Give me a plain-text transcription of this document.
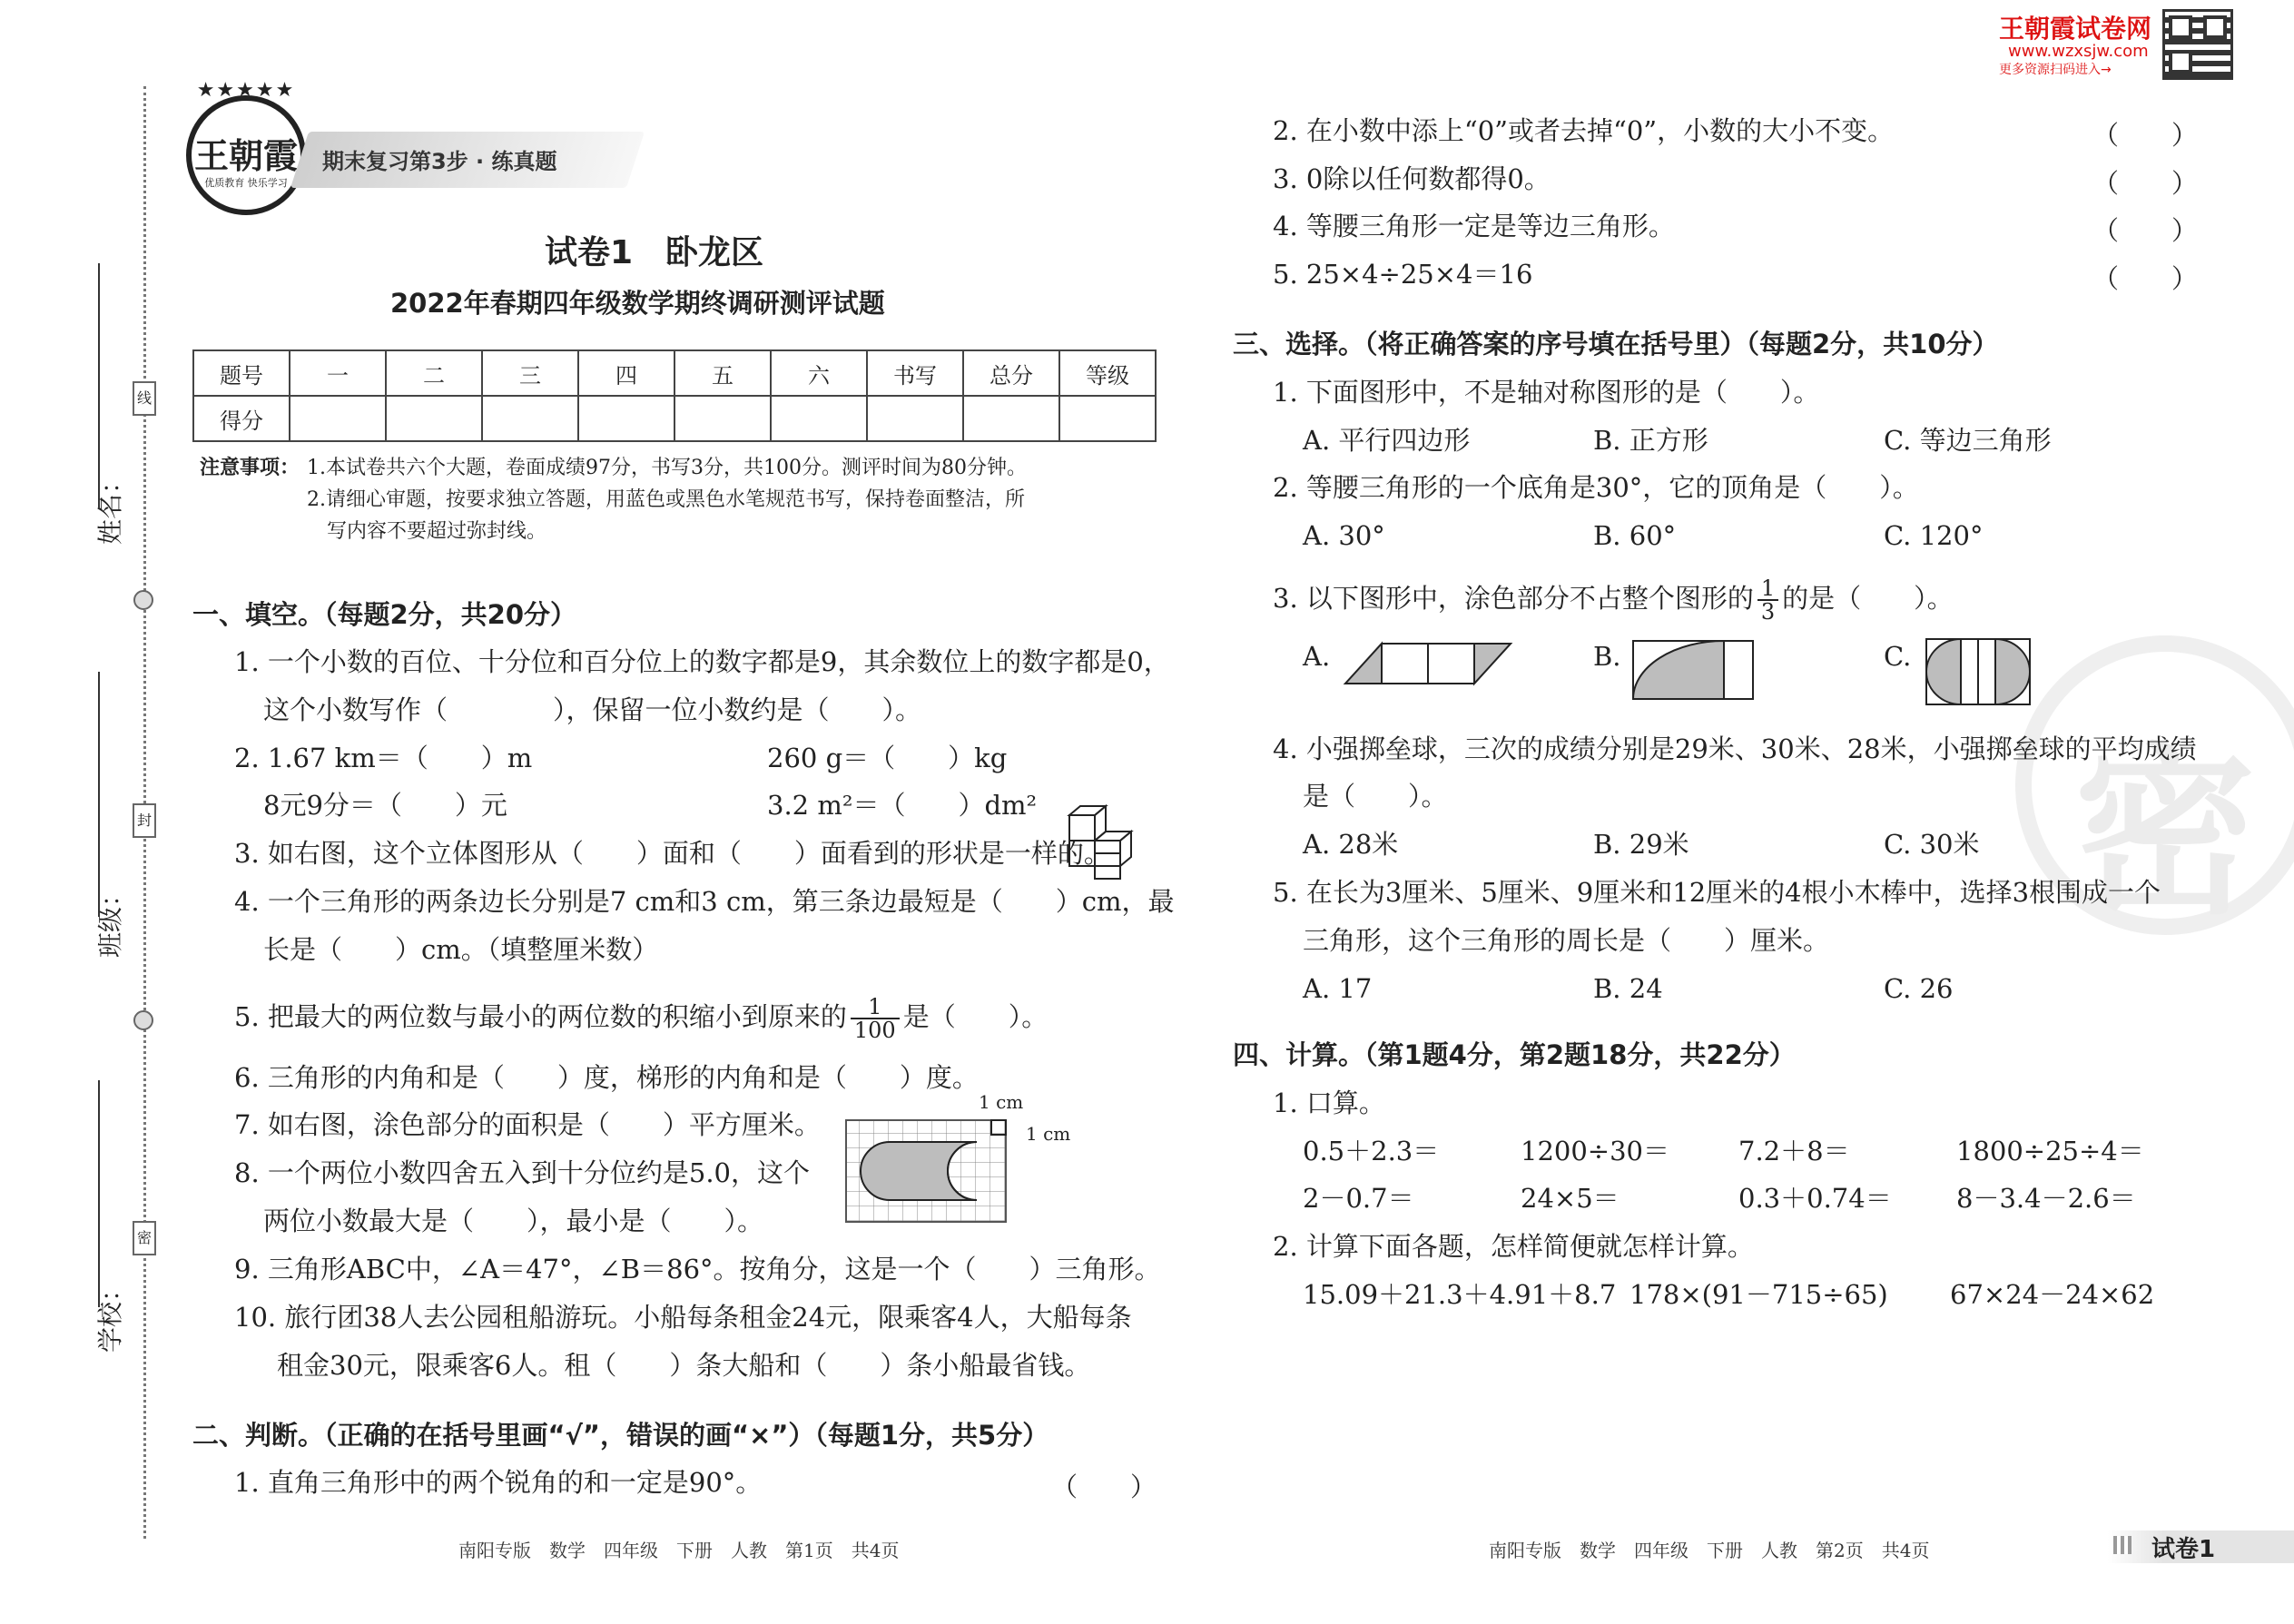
姓名：
班级：
学校：
线
封
密
★★★★★
王朝霞
优质教育 快乐学习
期末复习第3步 · 练真题
王朝霞试卷网
www.wzxsjw.com
更多资源扫码进入→
密
试卷1　卧龙区
2022年春期四年级数学期终调研测评试题
题号	一	二	三	四	五	六	书写	总分	等级
得分									
注意事项： 1.本试卷共六个大题，卷面成绩97分，书写3分，共100分。测评时间为80分钟。
2.请细心审题，按要求独立答题，用蓝色或黑色水笔规范书写，保持卷面整洁，所
写内容不要超过弥封线。
一、填空。（每题2分，共20分）
1. 一个小数的百位、十分位和百分位上的数字都是9，其余数位上的数字都是0，
这个小数写作（　　　　），保留一位小数约是（　　）。
2. 1.67 km＝（　　）m	260 g＝（　　）kg
8元9分＝（　　）元	3.2 m²＝（　　）dm²
3. 如右图，这个立体图形从（　　）面和（　　）面看到的形状是一样的。
4. 一个三角形的两条边长分别是7 cm和3 cm，第三条边最短是（　　）cm，最
长是（　　）cm。（填整厘米数）
5. 把最大的两位数与最小的两位数的积缩小到原来的 $\frac{1}{100}$ 是（　　）。
6. 三角形的内角和是（　　）度，梯形的内角和是（　　）度。
7. 如右图，涂色部分的面积是（　　）平方厘米。
8. 一个两位小数四舍五入到十分位约是5.0，这个
两位小数最大是（　　），最小是（　　）。
1 cm
1 cm
9. 三角形ABC中，∠A＝47°，∠B＝86°。按角分，这是一个（　　）三角形。
10. 旅行团38人去公园租船游玩。小船每条租金24元，限乘客4人，大船每条
租金30元，限乘客6人。租（　　）条大船和（　　）条小船最省钱。
二、判断。（正确的在括号里画“√”，错误的画“×”）（每题1分，共5分）
1. 直角三角形中的两个锐角的和一定是90°。	（　　）
2. 在小数中添上“0”或者去掉“0”，小数的大小不变。	（　　）
3. 0除以任何数都得0。	（　　）
4. 等腰三角形一定是等边三角形。	（　　）
5. 25×4÷25×4＝16	（　　）
三、选择。（将正确答案的序号填在括号里）（每题2分，共10分）
1. 下面图形中，不是轴对称图形的是（　　）。
A. 平行四边形	B. 正方形	C. 等边三角形
2. 等腰三角形的一个底角是30°，它的顶角是（　　）。
A. 30°	B. 60°	C. 120°
3. 以下图形中，涂色部分不占整个图形的 $\frac{1}{3}$ 的是（　　）。
A.	B.	C.
4. 小强掷垒球，三次的成绩分别是29米、30米、28米，小强掷垒球的平均成绩
是（　　）。
A. 28米	B. 29米	C. 30米
5. 在长为3厘米、5厘米、9厘米和12厘米的4根小木棒中，选择3根围成一个
三角形，这个三角形的周长是（　　）厘米。
A. 17	B. 24	C. 26
四、计算。（第1题4分，第2题18分，共22分）
1. 口算。
0.5＋2.3＝	1200÷30＝	7.2＋8＝	1800÷25÷4＝
2－0.7＝	24×5＝	0.3＋0.74＝ 8－3.4－2.6＝
2. 计算下面各题，怎样简便就怎样计算。
15.09＋21.3＋4.91＋8.7 178×(91－715÷65) 67×24－24×62
南阳专版　数学　四年级　下册　人教　第1页　共4页	南阳专版　数学　四年级　下册　人教　第2页　共4页	试卷1
